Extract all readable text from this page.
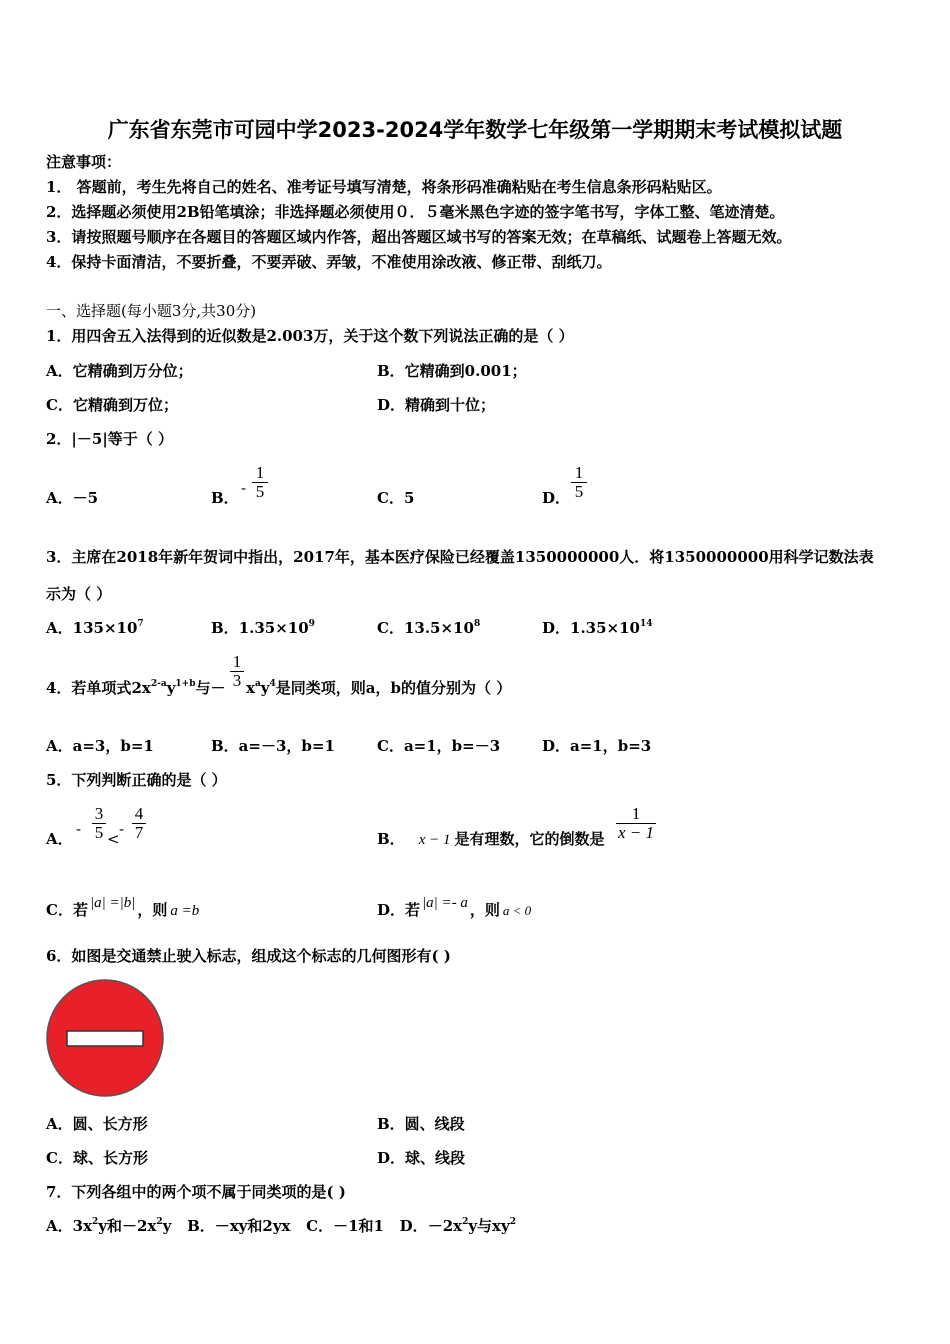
广东省东莞市可园中学2023-2024学年数学七年级第一学期期末考试模拟试题
注意事项：
1． 答题前，考生先将自己的姓名、准考证号填写清楚，将条形码准确粘贴在考生信息条形码粘贴区。
2．选择题必须使用2B铅笔填涂；非选择题必须使用０．５毫米黑色字迹的签字笔书写，字体工整、笔迹清楚。
3．请按照题号顺序在各题目的答题区域内作答，超出答题区域书写的答案无效；在草稿纸、试题卷上答题无效。
4．保持卡面清洁，不要折叠，不要弄破、弄皱，不准使用涂改液、修正带、刮纸刀。
一、选择题(每小题3分,共30分)
1．用四舍五入法得到的近似数是2.003万，关于这个数下列说法正确的是（ ）
A．它精确到万分位；	B．它精确到0.001；
C．它精确到万位；	D．精确到十位；
2．|－5|等于（ ）
A．－5	B．
- $\frac{1}{5}$	C．5	D． $\frac{1}{5}$
3．主席在2018年新年贺词中指出，2017年，基本医疗保险已经覆盖1350000000人．将1350000000用科学记数法表
示为（ ）
A．$135\times 10^7$	B．$1.35\times 10^9$	C．$13.5\times 10^8$	D．$1.35\times 10^{14}$
4．若单项式$2x^{2-a}y^{1+b}$与－ $\frac{1}{3} x^ay^4$是同类项，则a，b的值分别为（ ）
A．a=3，b=1	B．a=－3，b=1	C．a=1，b=－3	D．a=1，b=3
5．下列判断正确的是（ ）
A．
- $\frac{3}{5}$ <
- $\frac{4}{7}$	B． x − 1 是有理数，它的倒数是 $\frac{1}{x - 1}$
C．若 |a| =|b| ，则 a =b	D．若 |a| =- a ，则 a < 0
6．如图是交通禁止驶入标志，组成这个标志的几何图形有( )
A．圆、长方形	B．圆、线段
C．球、长方形	D．球、线段
7．下列各组中的两个项不属于同类项的是( )
A．$3x^2y$和$-2x^2y$ B．－xy和2yx C．－1和1 D．$-2x^2y$与$xy^2$
